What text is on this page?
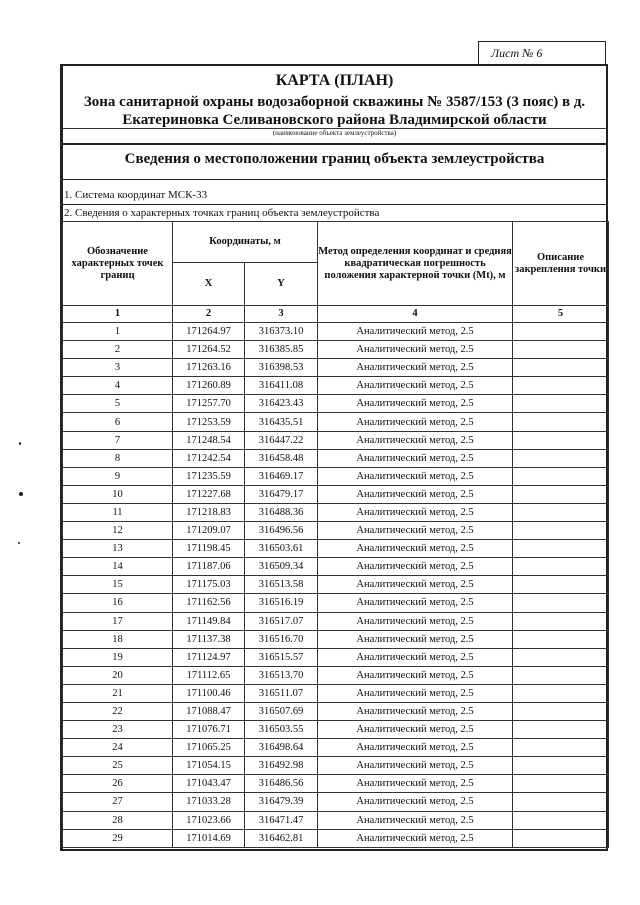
Лист № 6
КАРТА (ПЛАН)
Зона санитарной охраны водозаборной скважины № 3587/153 (3 пояс) в д.
Екатериновка Селивановского района Владимирской области
(наименование объекта землеустройства)
Сведения о местоположении границ объекта землеустройства
1. Система координат МСК-33
2. Сведения о характерных точках границ объекта землеустройства
Обозначение характерных точек границ	Координаты, м		Метод определения координат и средняя квадратическая погрешность положения характерной точки (Mt), м	Описание закрепления точки
	X	Y		
1	2	3	4	5
1	171264.97	316373.10	Аналитический метод, 2.5	
2	171264.52	316385.85	Аналитический метод, 2.5	
3	171263.16	316398.53	Аналитический метод, 2.5	
4	171260.89	316411.08	Аналитический метод, 2.5	
5	171257.70	316423.43	Аналитический метод, 2.5	
6	171253.59	316435.51	Аналитический метод, 2.5	
7	171248.54	316447.22	Аналитический метод, 2.5	
8	171242.54	316458.48	Аналитический метод, 2.5	
9	171235.59	316469.17	Аналитический метод, 2.5	
10	171227.68	316479.17	Аналитический метод, 2.5	
11	171218.83	316488.36	Аналитический метод, 2.5	
12	171209.07	316496.56	Аналитический метод, 2.5	
13	171198.45	316503.61	Аналитический метод, 2.5	
14	171187.06	316509.34	Аналитический метод, 2.5	
15	171175.03	316513.58	Аналитический метод, 2.5	
16	171162.56	316516.19	Аналитический метод, 2.5	
17	171149.84	316517.07	Аналитический метод, 2.5	
18	171137.38	316516.70	Аналитический метод, 2.5	
19	171124.97	316515.57	Аналитический метод, 2.5	
20	171112.65	316513.70	Аналитический метод, 2.5	
21	171100.46	316511.07	Аналитический метод, 2.5	
22	171088.47	316507.69	Аналитический метод, 2.5	
23	171076.71	316503.55	Аналитический метод, 2.5	
24	171065.25	316498.64	Аналитический метод, 2.5	
25	171054.15	316492.98	Аналитический метод, 2.5	
26	171043.47	316486.56	Аналитический метод, 2.5	
27	171033.28	316479.39	Аналитический метод, 2.5	
28	171023.66	316471.47	Аналитический метод, 2.5	
29	171014.69	316462.81	Аналитический метод, 2.5	
